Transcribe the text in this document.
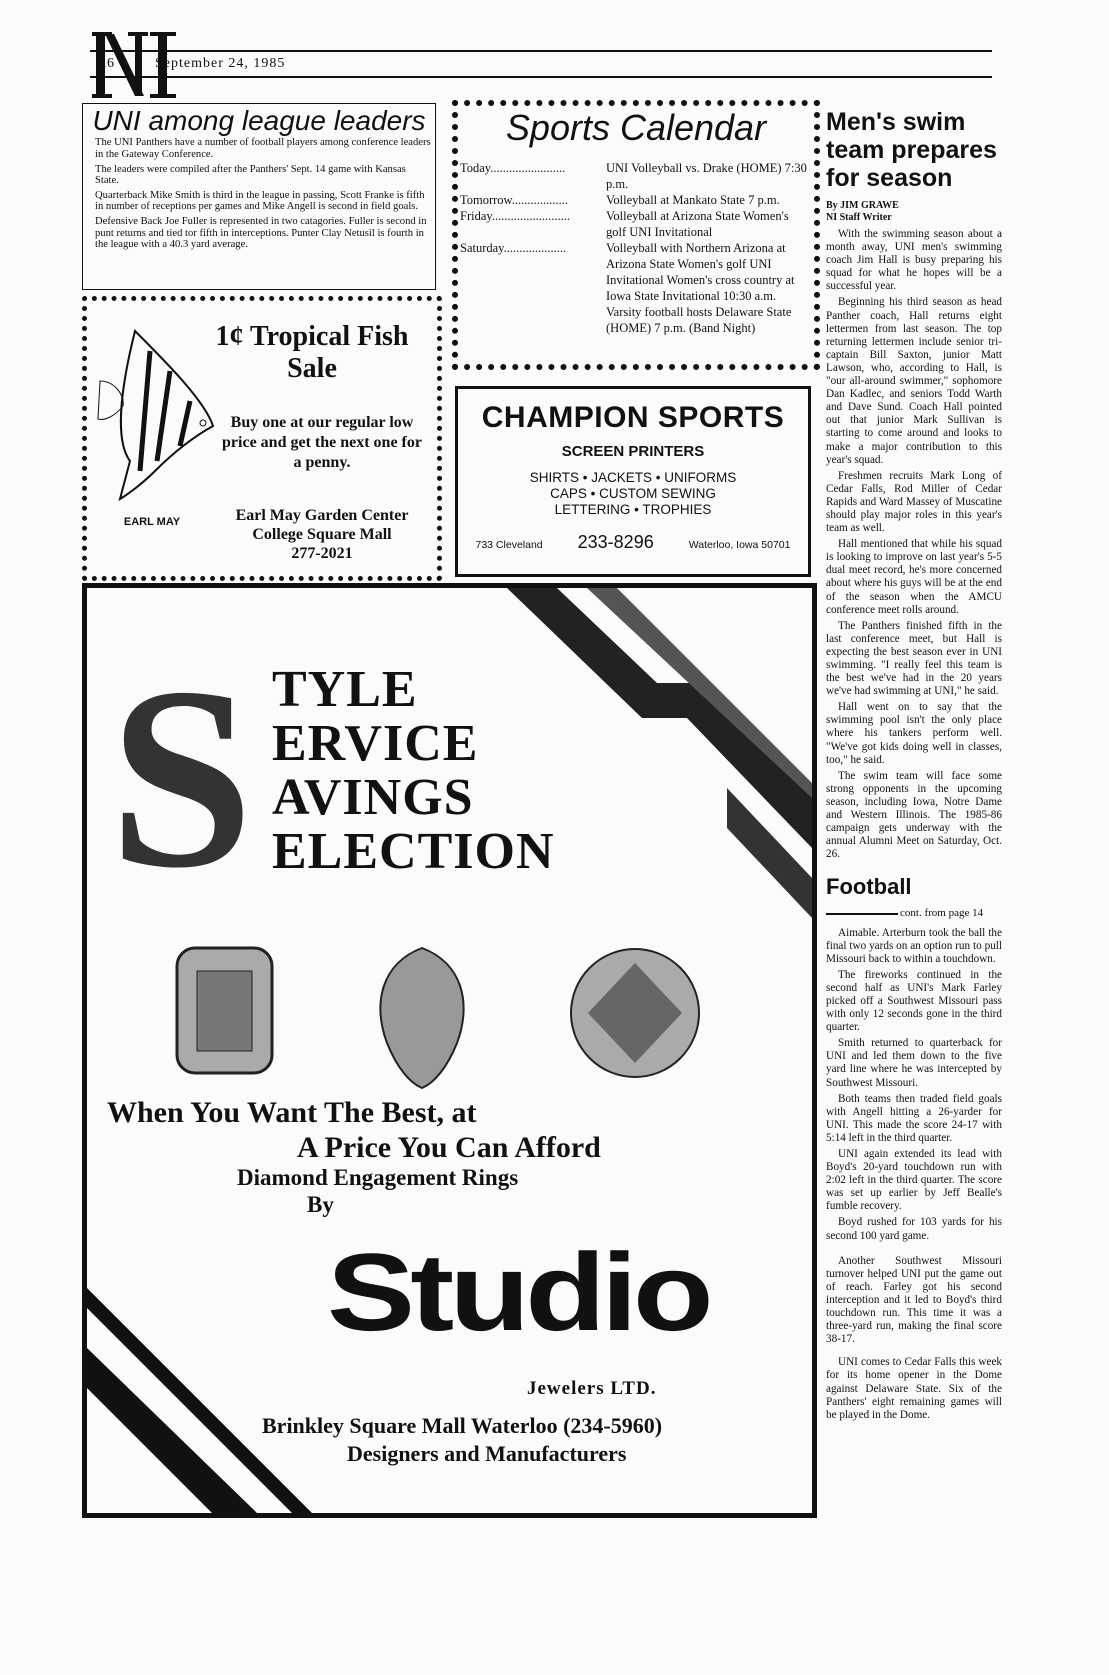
16	September 24, 1985
UNI among league leaders

The UNI Panthers have a number of football players among conference leaders in the Gateway Conference.

The leaders were compiled after the Panthers' Sept. 14 game with Kansas State.

Quarterback Mike Smith is third in the league in passing, Scott Franke is fifth in number of receptions per games and Mike Angell is second in field goals.

Defensive Back Joe Fuller is represented in two catagories. Fuller is second in punt returns and tied tor fifth in interceptions. Punter Clay Netusil is fourth in the league with a 40.3 yard average.

1¢ Tropical Fish
Sale
Buy one at our regular low price and get the next one for a penny.
EARL MAY	Earl May Garden Center
College Square Mall
277-2021
Sports Calendar
Today........................	UNI Volleyball vs. Drake (HOME) 7:30 p.m.
Tomorrow..................	Volleyball at Mankato State 7 p.m.
Friday.........................	Volleyball at Arizona State Women's golf UNI Invitational
Saturday....................	Volleyball with Northern Arizona at Arizona State Women's golf UNI Invitational Women's cross country at Iowa State Invitational 10:30 a.m. Varsity football hosts Delaware State (HOME) 7 p.m. (Band Night)
CHAMPION SPORTS
SCREEN PRINTERS
SHIRTS • JACKETS • UNIFORMS
CAPS • CUSTOM SEWING
LETTERING • TROPHIES
733 Cleveland 233-8296	Waterloo, Iowa 50701
S TYLE
ERVICE
AVINGS
ELECTION
When You Want The Best, at
A Price You Can Afford
Diamond Engagement Rings
By
Studio
Jewelers LTD.
Brinkley Square Mall Waterloo (234-5960)
Designers and Manufacturers
Men's swim team prepares for season
By JIM GRAWE
NI Staff Writer

With the swimming season about a month away, UNI men's swimming coach Jim Hall is busy preparing his squad for what he hopes will be a successful year.

Beginning his third season as head Panther coach, Hall returns eight lettermen from last season. The top returning lettermen include senior tri-captain Bill Saxton, junior Matt Lawson, who, according to Hall, is "our all-around swimmer," sophomore Dan Kadlec, and seniors Todd Warth and Dave Sund. Coach Hall pointed out that junior Mark Sullivan is starting to come around and looks to make a major contribution to this year's squad.

Freshmen recruits Mark Long of Cedar Falls, Rod Miller of Cedar Rapids and Ward Massey of Muscatine should play major roles in this year's team as well.

Hall mentioned that while his squad is looking to improve on last year's 5-5 dual meet record, he's more concerned about where his guys will be at the end of the season when the AMCU conference meet rolls around.

The Panthers finished fifth in the last conference meet, but Hall is expecting the best season ever in UNI swimming. "I really feel this team is the best we've had in the 20 years we've had swimming at UNI," he said.

Hall went on to say that the swimming pool isn't the only place where his tankers perform well. "We've got kids doing well in classes, too," he said.

The swim team will face some strong opponents in the upcoming season, including Iowa, Notre Dame and Western Illinois. The 1985-86 campaign gets underway with the annual Alumni Meet on Saturday, Oct. 26.

Football
cont. from page 14

Aimable. Arterburn took the ball the final two yards on an option run to pull Missouri back to within a touchdown.

The fireworks continued in the second half as UNI's Mark Farley picked off a Southwest Missouri pass with only 12 seconds gone in the third quarter.

Smith returned to quarterback for UNI and led them down to the five yard line where he was intercepted by Southwest Missouri.

Both teams then traded field goals with Angell hitting a 26-yarder for UNI. This made the score 24-17 with 5:14 left in the third quarter.

UNI again extended its lead with Boyd's 20-yard touchdown run with 2:02 left in the third quarter. The score was set up earlier by Jeff Bealle's fumble recovery.

Boyd rushed for 103 yards for his second 100 yard game.

Another Southwest Missouri turnover helped UNI put the game out of reach. Farley got his second interception and it led to Boyd's third touchdown run. This time it was a three-yard run, making the final score 38-17.

UNI comes to Cedar Falls this week for its home opener in the Dome against Delaware State. Six of the Panthers' eight remaining games will be played in the Dome.
